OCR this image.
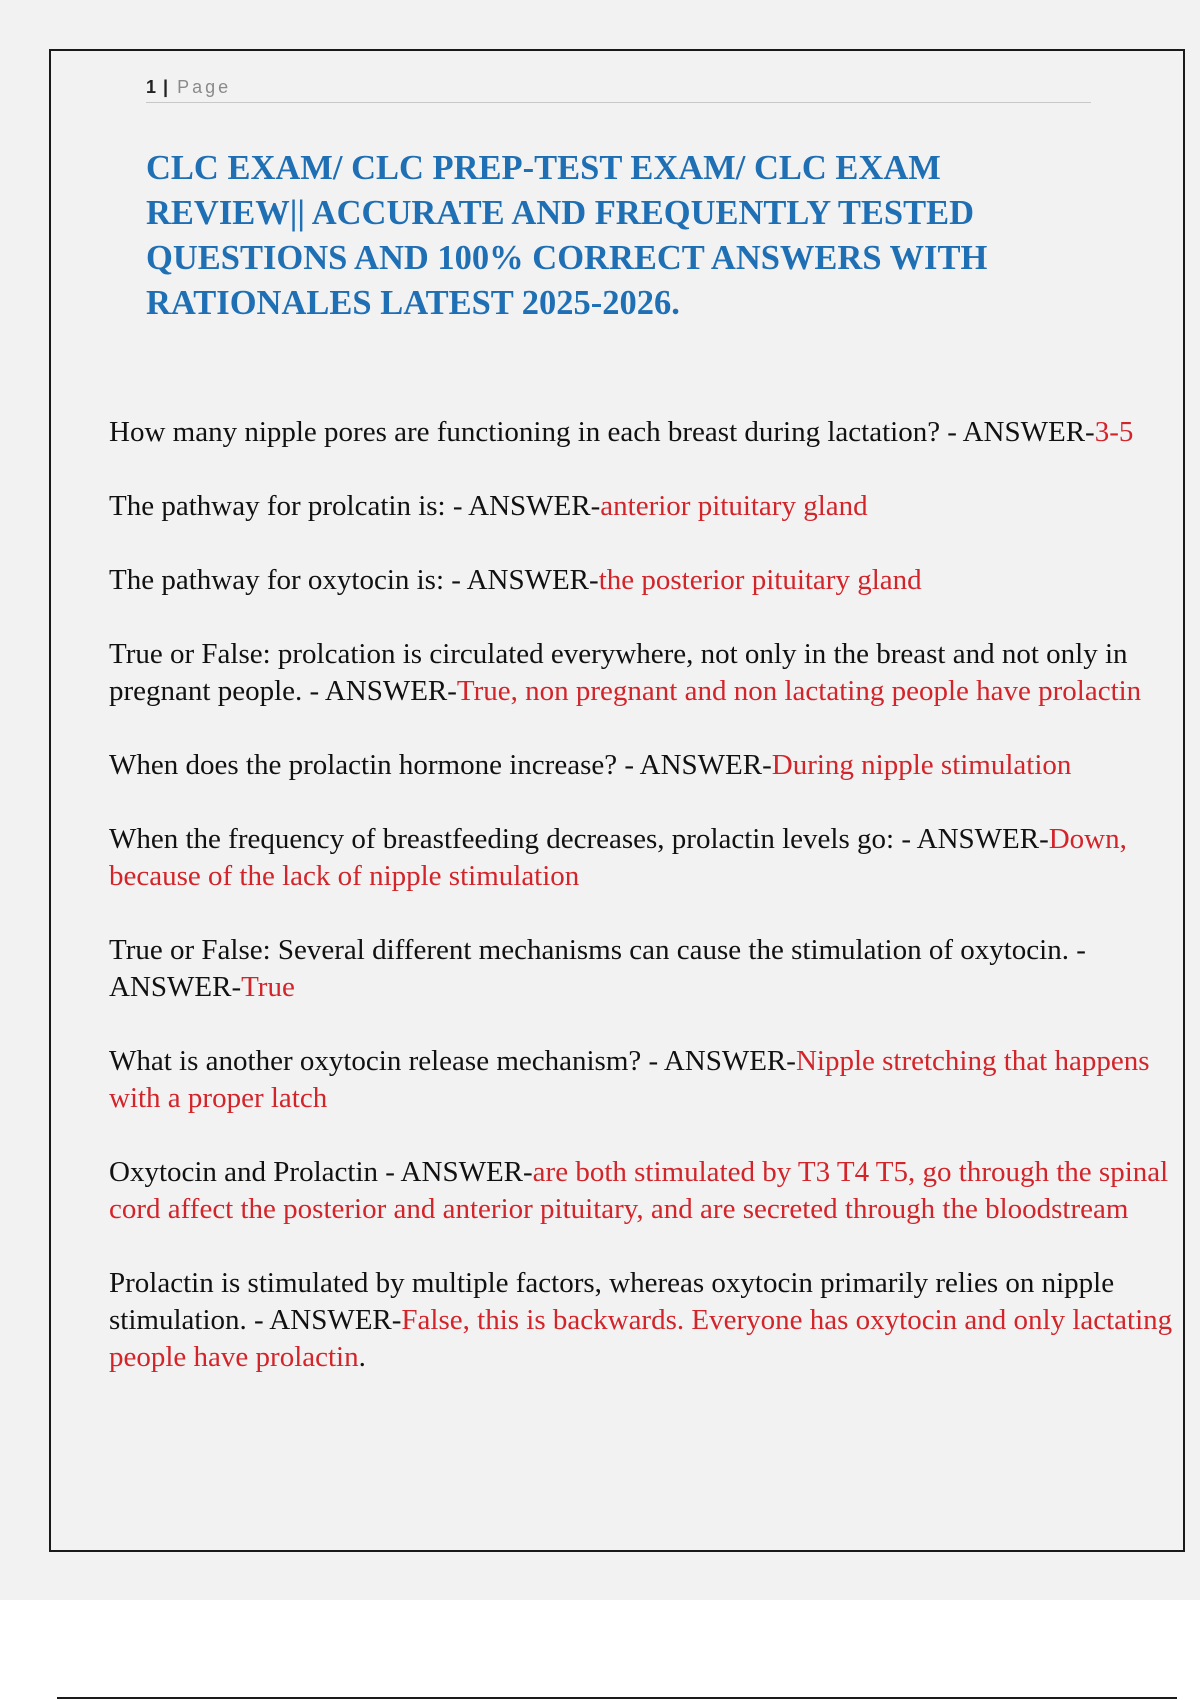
1 | Page
CLC EXAM/ CLC PREP-TEST EXAM/ CLC EXAM REVIEW|| ACCURATE AND FREQUENTLY TESTED QUESTIONS AND 100% CORRECT ANSWERS WITH RATIONALES LATEST 2025-2026.

How many nipple pores are functioning in each breast during lactation? - ANSWER-3-5

The pathway for prolcatin is: - ANSWER-anterior pituitary gland

The pathway for oxytocin is: - ANSWER-the posterior pituitary gland

True or False: prolcation is circulated everywhere, not only in the breast and not only in pregnant people. - ANSWER-True, non pregnant and non lactating people have prolactin

When does the prolactin hormone increase? - ANSWER-During nipple stimulation

When the frequency of breastfeeding decreases, prolactin levels go: - ANSWER-Down, because of the lack of nipple stimulation

True or False: Several different mechanisms can cause the stimulation of oxytocin. - ANSWER-True

What is another oxytocin release mechanism? - ANSWER-Nipple stretching that happens with a proper latch

Oxytocin and Prolactin - ANSWER-are both stimulated by T3 T4 T5, go through the spinal cord affect the posterior and anterior pituitary, and are secreted through the bloodstream

Prolactin is stimulated by multiple factors, whereas oxytocin primarily relies on nipple stimulation. - ANSWER-False, this is backwards. Everyone has oxytocin and only lactating people have prolactin.
